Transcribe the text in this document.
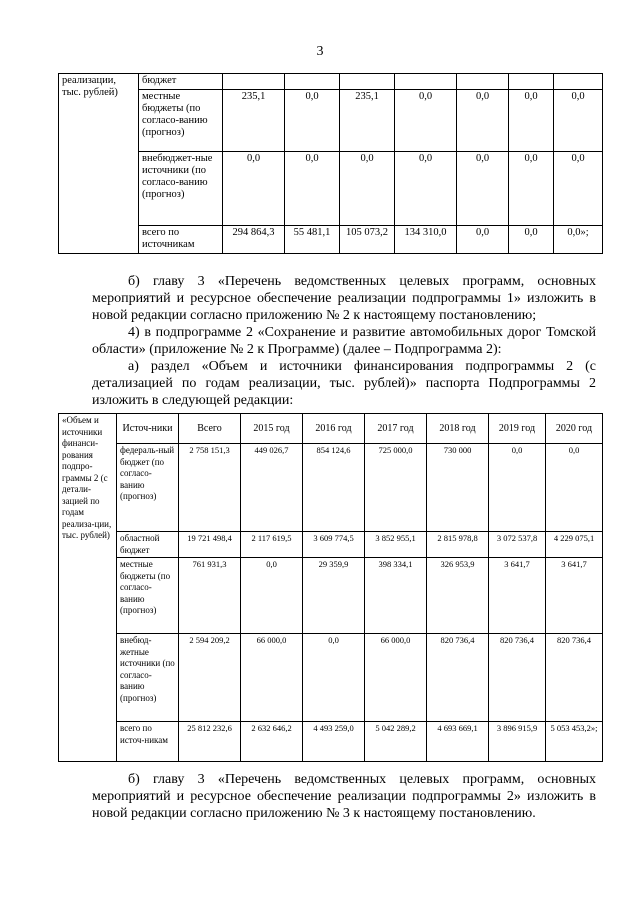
3
реализации, тыс. рублей)	бюджет							
	местные бюджеты (по согласо-ванию (прогноз)	235,1	0,0	235,1	0,0	0,0	0,0	0,0
	внебюджет-ные источники (по согласо-ванию (прогноз)	0,0	0,0	0,0	0,0	0,0	0,0	0,0
	всего по источникам	294 864,3	55 481,1	105 073,2	134 310,0	0,0	0,0	0,0»;
б) главу 3 «Перечень ведомственных целевых программ, основных мероприятий и ресурсное обеспечение реализации подпрограммы 1» изложить в новой редакции согласно приложению № 2 к настоящему постановлению;
4) в подпрограмме 2 «Сохранение и развитие автомобильных дорог Томской области» (приложение № 2 к Программе) (далее – Подпрограмма 2):
а) раздел «Объем и источники финансирования подпрограммы 2 (с детализацией по годам реализации, тыс. рублей)» паспорта Подпрограммы 2 изложить в следующей редакции:
«Объем и источники финанси-рования подпро-граммы 2 (с детали-зацией по годам реализа-ции, тыс. рублей)	Источ-ники	Всего	2015 год	2016 год	2017 год	2018 год	2019 год	2020 год
	федераль-ный бюджет (по согласо-ванию (прогноз)	2 758 151,3	449 026,7	854 124,6	725 000,0	730 000	0,0	0,0
	областной бюджет	19 721 498,4	2 117 619,5	3 609 774,5	3 852 955,1	2 815 978,8	3 072 537,8	4 229 075,1
	местные бюджеты (по согласо-ванию (прогноз)	761 931,3	0,0	29 359,9	398 334,1	326 953,9	3 641,7	3 641,7
	внебюд-жетные источники (по согласо-ванию (прогноз)	2 594 209,2	66 000,0	0,0	66 000,0	820 736,4	820 736,4	820 736,4
	всего по источ-никам	25 812 232,6	2 632 646,2	4 493 259,0	5 042 289,2	4 693 669,1	3 896 915,9	5 053 453,2»;
б) главу 3 «Перечень ведомственных целевых программ, основных мероприятий и ресурсное обеспечение реализации подпрограммы 2» изложить в новой редакции согласно приложению № 3 к настоящему постановлению.
